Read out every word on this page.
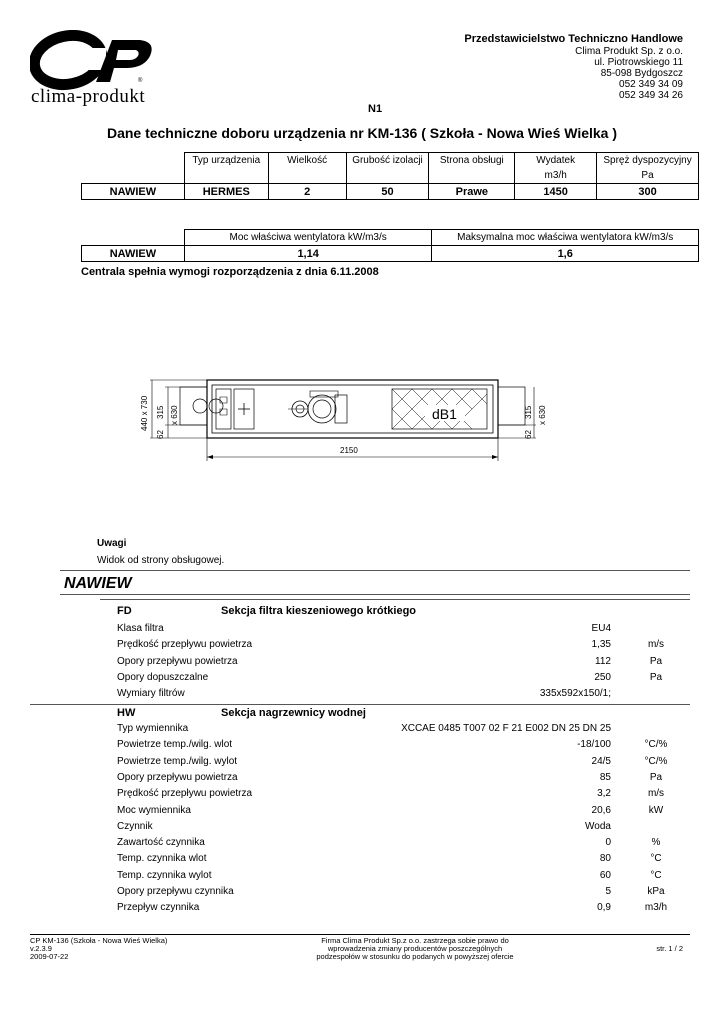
®
clima-produkt
Przedstawicielstwo Techniczno Handlowe
Clima Produkt Sp. z o.o.
ul. Piotrowskiego 11
85-098 Bydgoszcz
052 349 34 09
052 349 34 26
N1
Dane techniczne doboru urządzenia nr KM-136 ( Szkoła - Nowa Wieś Wielka )
	Typ urządzenia	Wielkość	Grubość izolacji	Strona obsługi	Wydatek	Spręż dyspozycyjny
					m3/h	Pa
NAWIEW	HERMES	2	50	Prawe	1450	300
	Moc właściwa wentylatora kW/m3/s	Maksymalna moc właściwa wentylatora kW/m3/s
NAWIEW	1,14	1,6
Centrala spełnia wymogi rozporządzenia z dnia 6.11.2008
440 x 730 315 x 630
62
dB1	315 x 630
62
2150
Uwagi
Widok od strony obsługowej.
NAWIEW
FD	Sekcja filtra kieszeniowego krótkiego
Klasa filtra	EU4
Prędkość przepływu powietrza	1,35	m/s
Opory przepływu powietrza	112	Pa
Opory dopuszczalne	250	Pa
Wymiary filtrów	335x592x150/1;
HW	Sekcja nagrzewnicy wodnej
Typ wymiennika	XCCAE 0485 T007 02 F 21 E002 DN 25 DN 25
Powietrze temp./wilg. wlot	-18/100	°C/%
Powietrze temp./wilg. wylot	24/5	°C/%
Opory przepływu powietrza	85	Pa
Prędkość przepływu powietrza	3,2	m/s
Moc wymiennika	20,6	kW
Czynnik	Woda
Zawartość czynnika	0	%
Temp. czynnika wlot	80	°C
Temp. czynnika wylot	60	°C
Opory przepływu czynnika	5	kPa
Przepływ czynnika	0,9	m3/h
CP KM-136 (Szkoła - Nowa Wieś Wielka)
v.2.3.9
2009-07-22
Firma Clima Produkt Sp.z o.o. zastrzega sobie prawo do
wprowadzenia zmiany producentów poszczególnych
podzespołów w stosunku do podanych w powyższej ofercie
str. 1 / 2
